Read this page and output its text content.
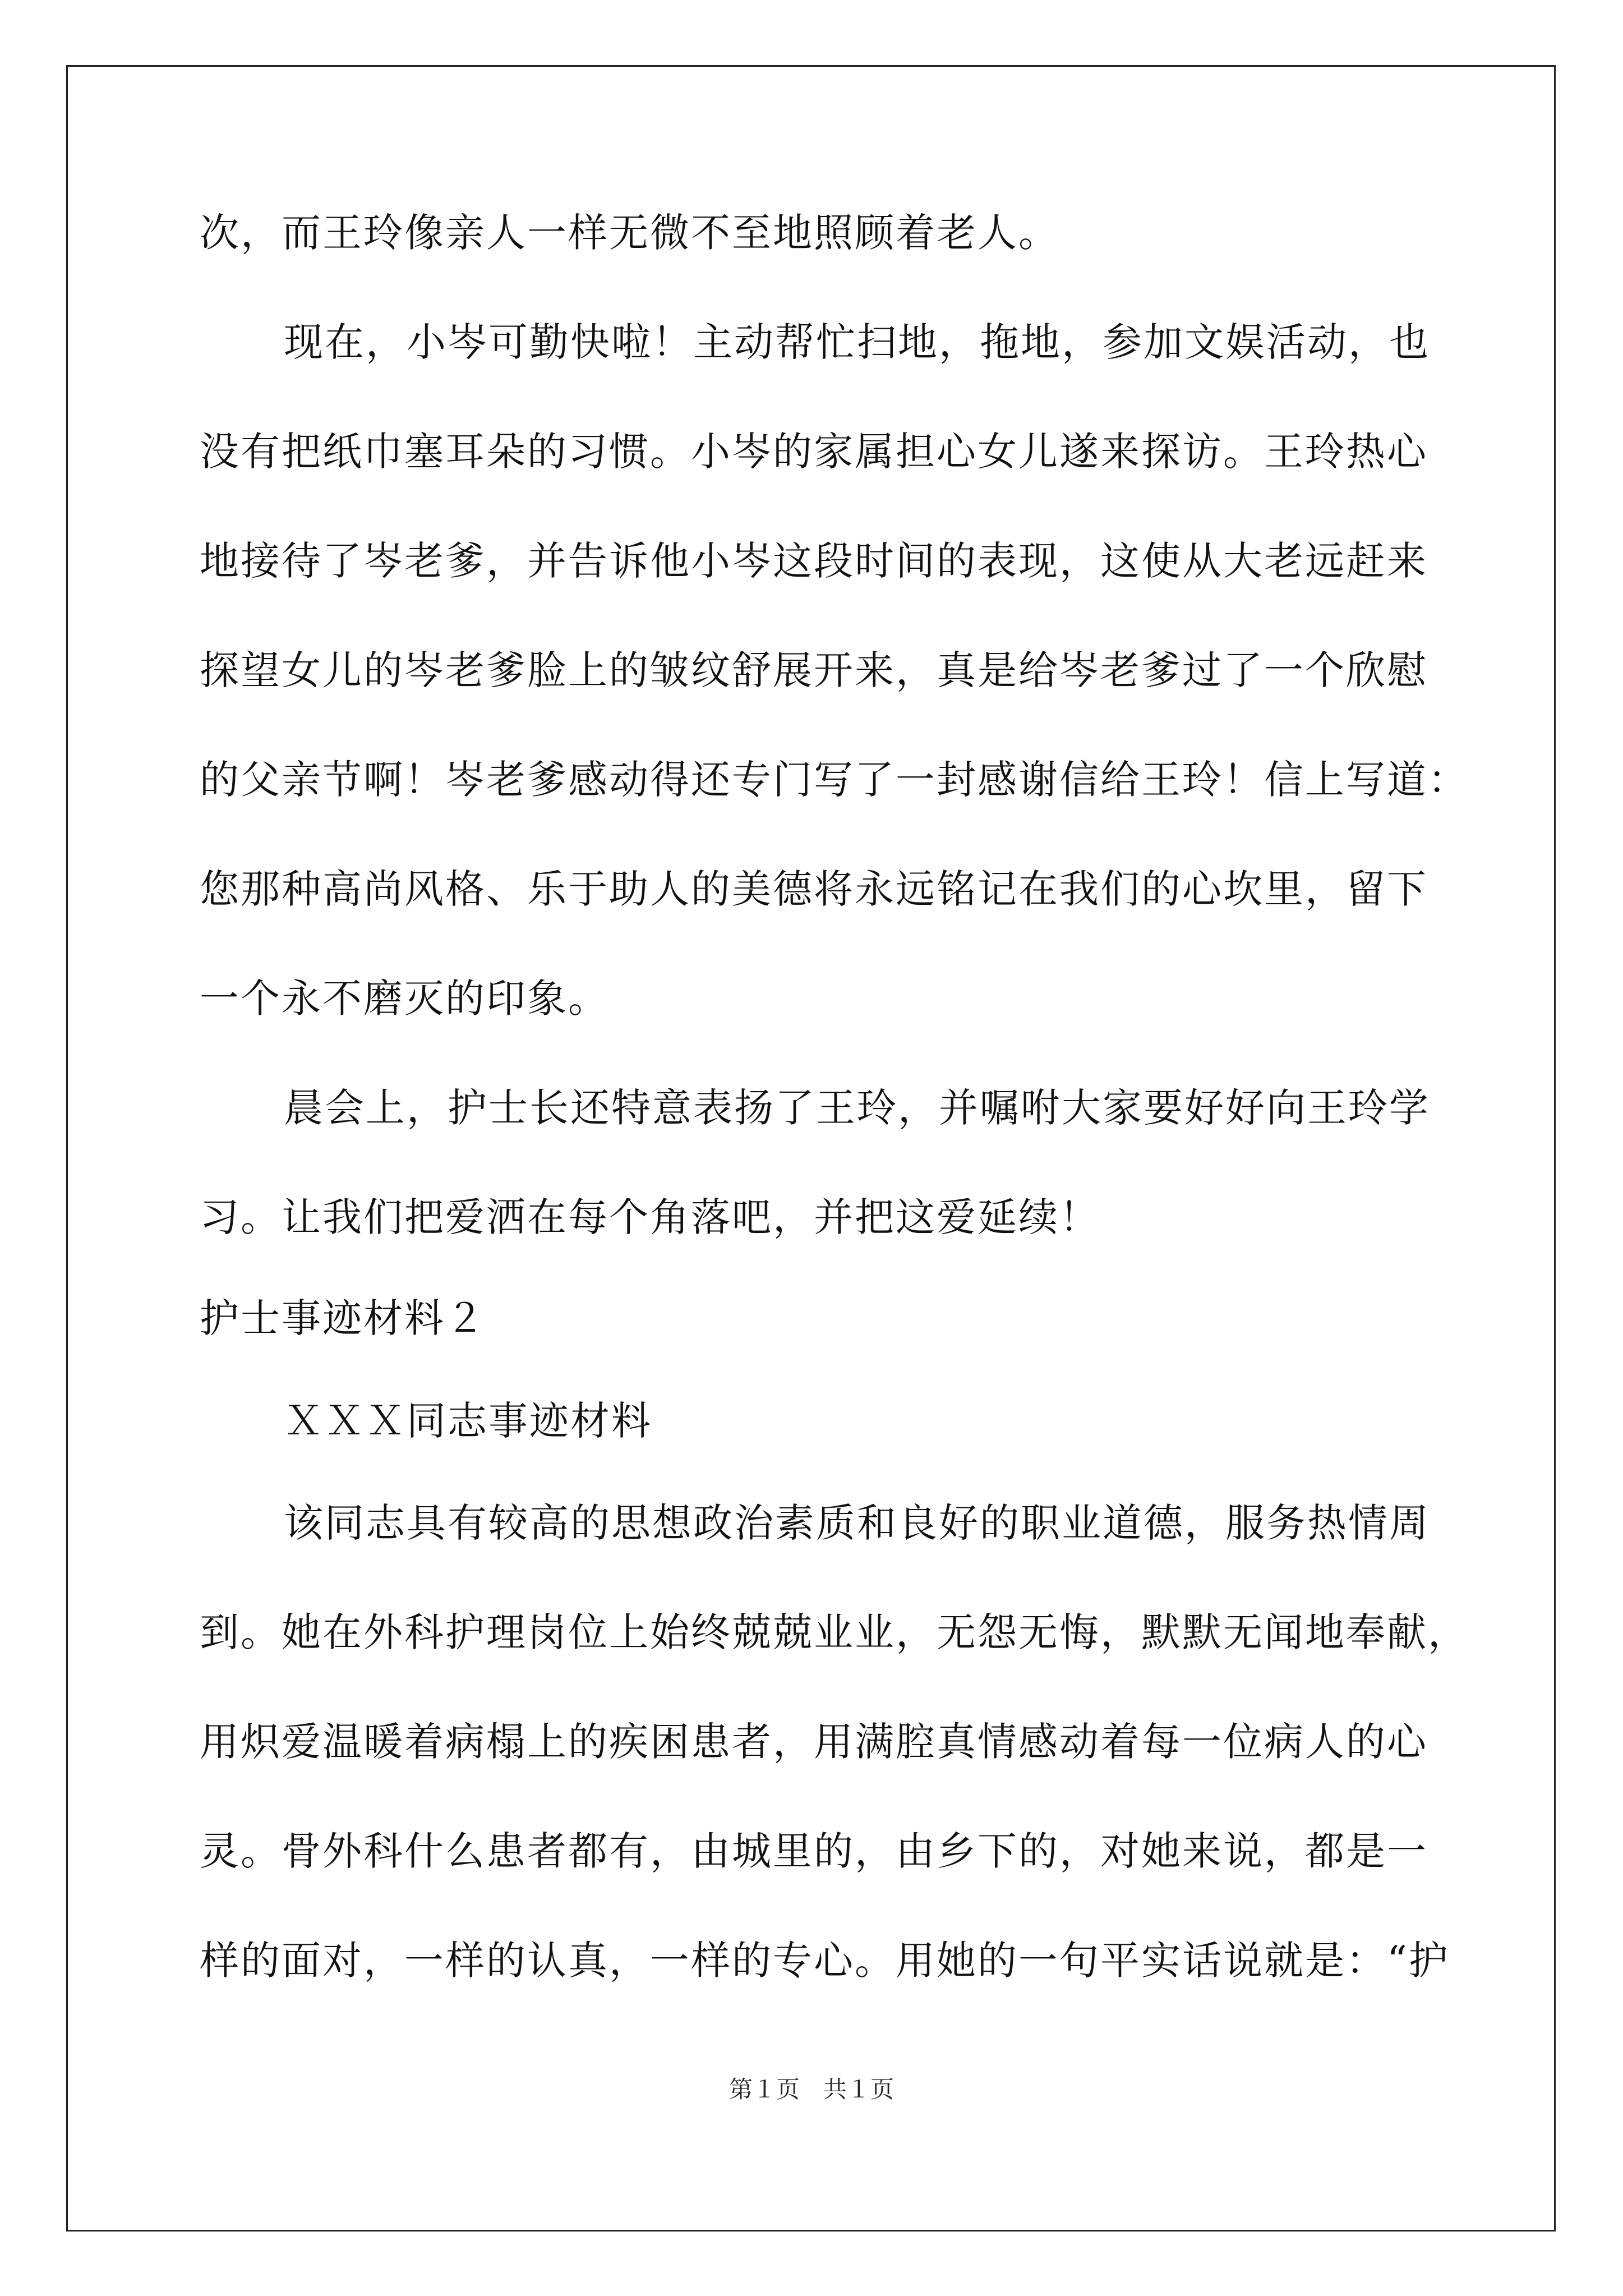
次，而王玲像亲人一样无微不至地照顾着老人。
现在，小岑可勤快啦！主动帮忙扫地，拖地，参加文娱活动，也
没有把纸巾塞耳朵的习惯。小岑的家属担心女儿遂来探访。王玲热心
地接待了岑老爹，并告诉他小岑这段时间的表现，这使从大老远赶来
探望女儿的岑老爹脸上的皱纹舒展开来，真是给岑老爹过了一个欣慰
的父亲节啊！岑老爹感动得还专门写了一封感谢信给王玲！信上写道：
您那种高尚风格、乐于助人的美德将永远铭记在我们的心坎里，留下
一个永不磨灭的印象。
晨会上，护士长还特意表扬了王玲，并嘱咐大家要好好向王玲学
习。让我们把爱洒在每个角落吧，并把这爱延续！
护士事迹材料２
ＸＸＸ同志事迹材料
该同志具有较高的思想政治素质和良好的职业道德，服务热情周
到。她在外科护理岗位上始终兢兢业业，无怨无悔，默默无闻地奉献，
用炽爱温暖着病榻上的疾困患者，用满腔真情感动着每一位病人的心
灵。骨外科什么患者都有，由城里的，由乡下的，对她来说，都是一
样的面对，一样的认真，一样的专心。用她的一句平实话说就是：“护
第１页　共１页
